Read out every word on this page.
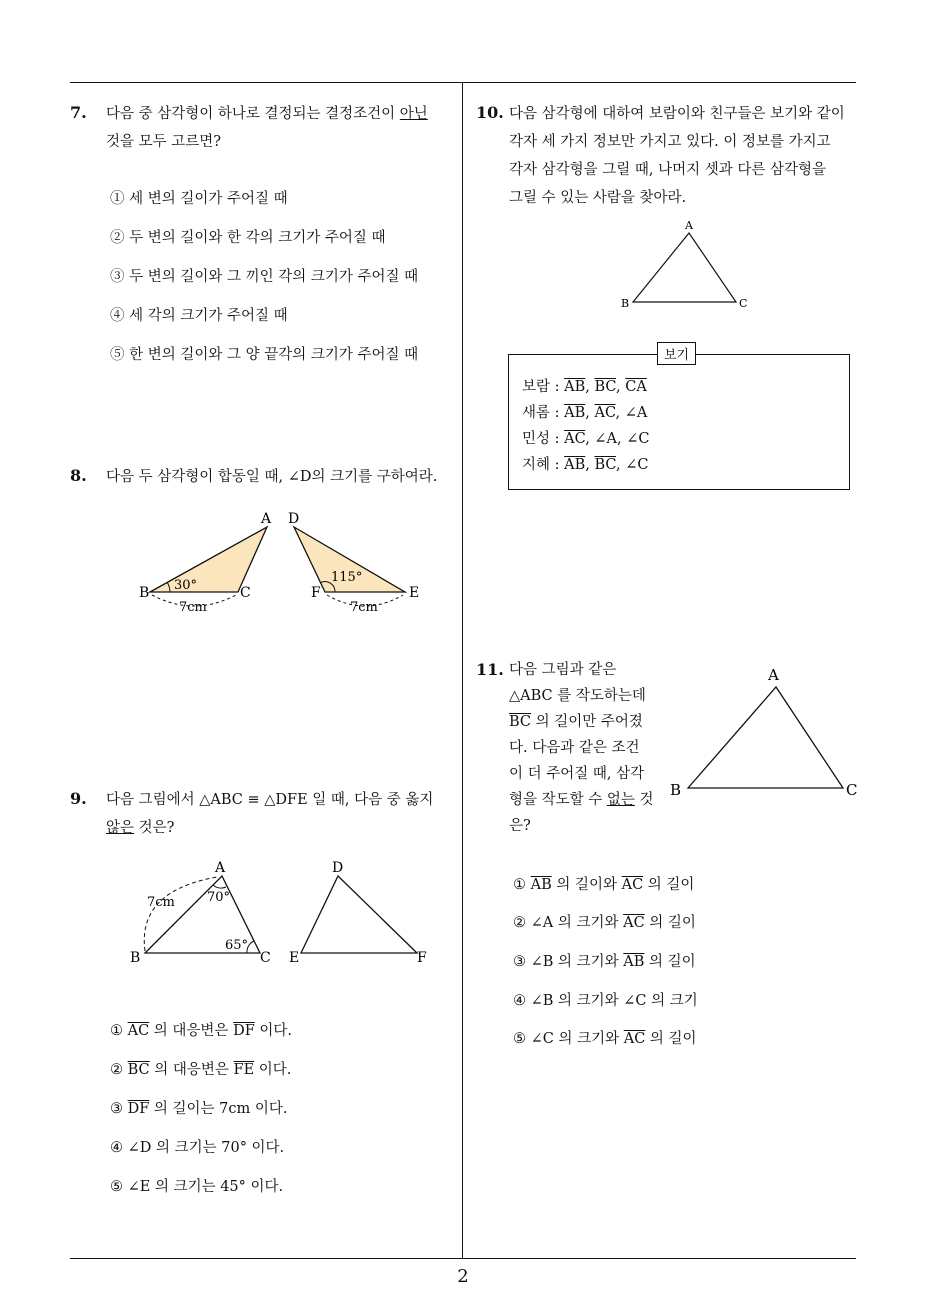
7. 다음 중 삼각형이 하나로 결정되는 결정조건이 아닌
것을 모두 고르면?
① 세 변의 길이가 주어질 때
② 두 변의 길이와 한 각의 크기가 주어질 때
③ 두 변의 길이와 그 끼인 각의 크기가 주어질 때
④ 세 각의 크기가 주어질 때
⑤ 한 변의 길이와 그 양 끝각의 크기가 주어질 때
8. 다음 두 삼각형이 합동일 때, ∠D의 크기를 구하여라.
A
B	C
D
F	E
30°
115°
7cm	7cm
9. 다음 그림에서 △ABC ≡ △DFE 일 때, 다음 중 옳지
않은 것은?
A
B	C
D
E	F
7cm 70°
65°
① $\overline{AC}$ 의 대응변은 $\overline{DF}$ 이다.
② $\overline{BC}$ 의 대응변은 $\overline{FE}$ 이다.
③ $\overline{DF}$ 의 길이는 7cm 이다.
④ ∠D 의 크기는 70° 이다.
⑤ ∠E 의 크기는 45° 이다.
10. 다음 삼각형에 대하여 보람이와 친구들은 보기와 같이
각자 세 가지 정보만 가지고 있다. 이 정보를 가지고
각자 삼각형을 그릴 때, 나머지 셋과 다른 삼각형을
그릴 수 있는 사람을 찾아라.
A
B	C
보기
보람 : $\overline{AB}$, $\overline{BC}$, $\overline{CA}$
새롬 : $\overline{AB}$, $\overline{AC}$, ∠A
민성 : $\overline{AC}$, ∠A, ∠C
지혜 : $\overline{AB}$, $\overline{BC}$, ∠C
11. 다음 그림과 같은
△ABC 를 작도하는데
$\overline{BC}$ 의 길이만 주어졌
다. 다음과 같은 조건
이 더 주어질 때, 삼각
형을 작도할 수 없는 것
은?
A
B	C
① $\overline{AB}$ 의 길이와 $\overline{AC}$ 의 길이
② ∠A 의 크기와 $\overline{AC}$ 의 길이
③ ∠B 의 크기와 $\overline{AB}$ 의 길이
④ ∠B 의 크기와 ∠C 의 크기
⑤ ∠C 의 크기와 $\overline{AC}$ 의 길이
2
